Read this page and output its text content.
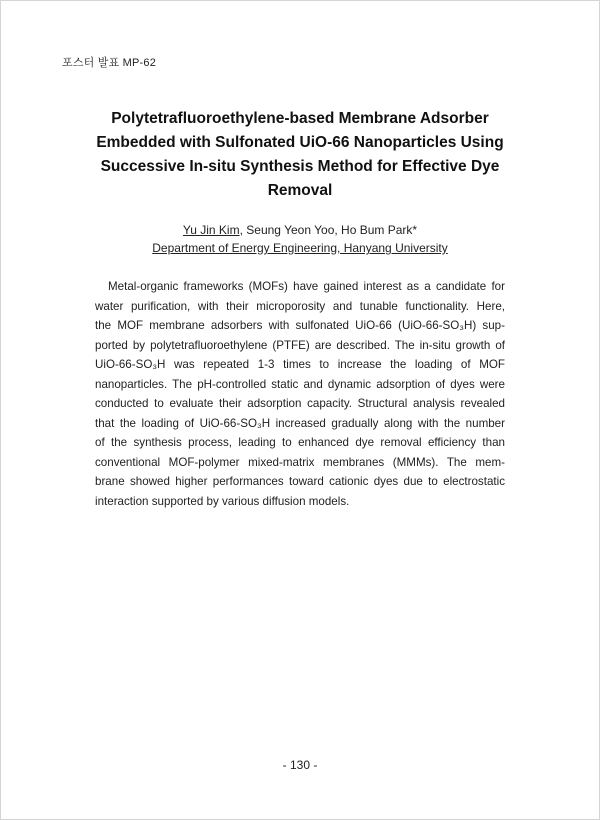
포스터 발표 MP-62
Polytetrafluoroethylene-based Membrane Adsorber
Embedded with Sulfonated UiO-66 Nanoparticles Using
Successive In-situ Synthesis Method for Effective Dye
Removal
Yu Jin Kim, Seung Yeon Yoo, Ho Bum Park*
Department of Energy Engineering, Hanyang University
Metal-organic frameworks (MOFs) have gained interest as a candidate for
water purification, with their microporosity and tunable functionality. Here,
the MOF membrane adsorbers with sulfonated UiO-66 (UiO-66-SO₃H) sup-
ported by polytetrafluoroethylene (PTFE) are described. The in-situ growth of
UiO-66-SO₃H was repeated 1-3 times to increase the loading of MOF
nanoparticles. The pH-controlled static and dynamic adsorption of dyes were
conducted to evaluate their adsorption capacity. Structural analysis revealed
that the loading of UiO-66-SO₃H increased gradually along with the number
of the synthesis process, leading to enhanced dye removal efficiency than
conventional MOF-polymer mixed-matrix membranes (MMMs). The mem-
brane showed higher performances toward cationic dyes due to electrostatic
interaction supported by various diffusion models.
- 130 -
